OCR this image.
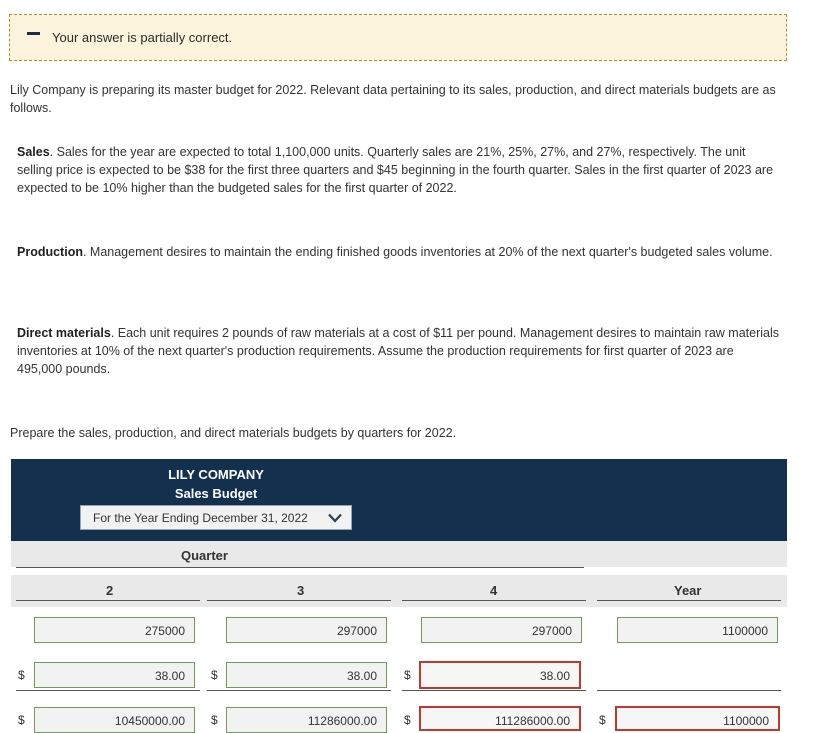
Your answer is partially correct.
Lily Company is preparing its master budget for 2022. Relevant data pertaining to its sales, production, and direct materials budgets are as follows.
Sales. Sales for the year are expected to total 1,100,000 units. Quarterly sales are 21%, 25%, 27%, and 27%, respectively. The unit selling price is expected to be $38 for the first three quarters and $45 beginning in the fourth quarter. Sales in the first quarter of 2023 are expected to be 10% higher than the budgeted sales for the first quarter of 2022.
Production. Management desires to maintain the ending finished goods inventories at 20% of the next quarter's budgeted sales volume.
Direct materials. Each unit requires 2 pounds of raw materials at a cost of $11 per pound. Management desires to maintain raw materials inventories at 10% of the next quarter's production requirements. Assume the production requirements for first quarter of 2023 are 495,000 pounds.
Prepare the sales, production, and direct materials budgets by quarters for 2022.
LILY COMPANY
Sales Budget
For the Year Ending December 31, 2022
Quarter
2	3	4	Year
275000	297000	297000	1100000
$	38.00	$	38.00	$	38.00
$	10450000.00	$	11286000.00	$	111286000.00	$	1100000
